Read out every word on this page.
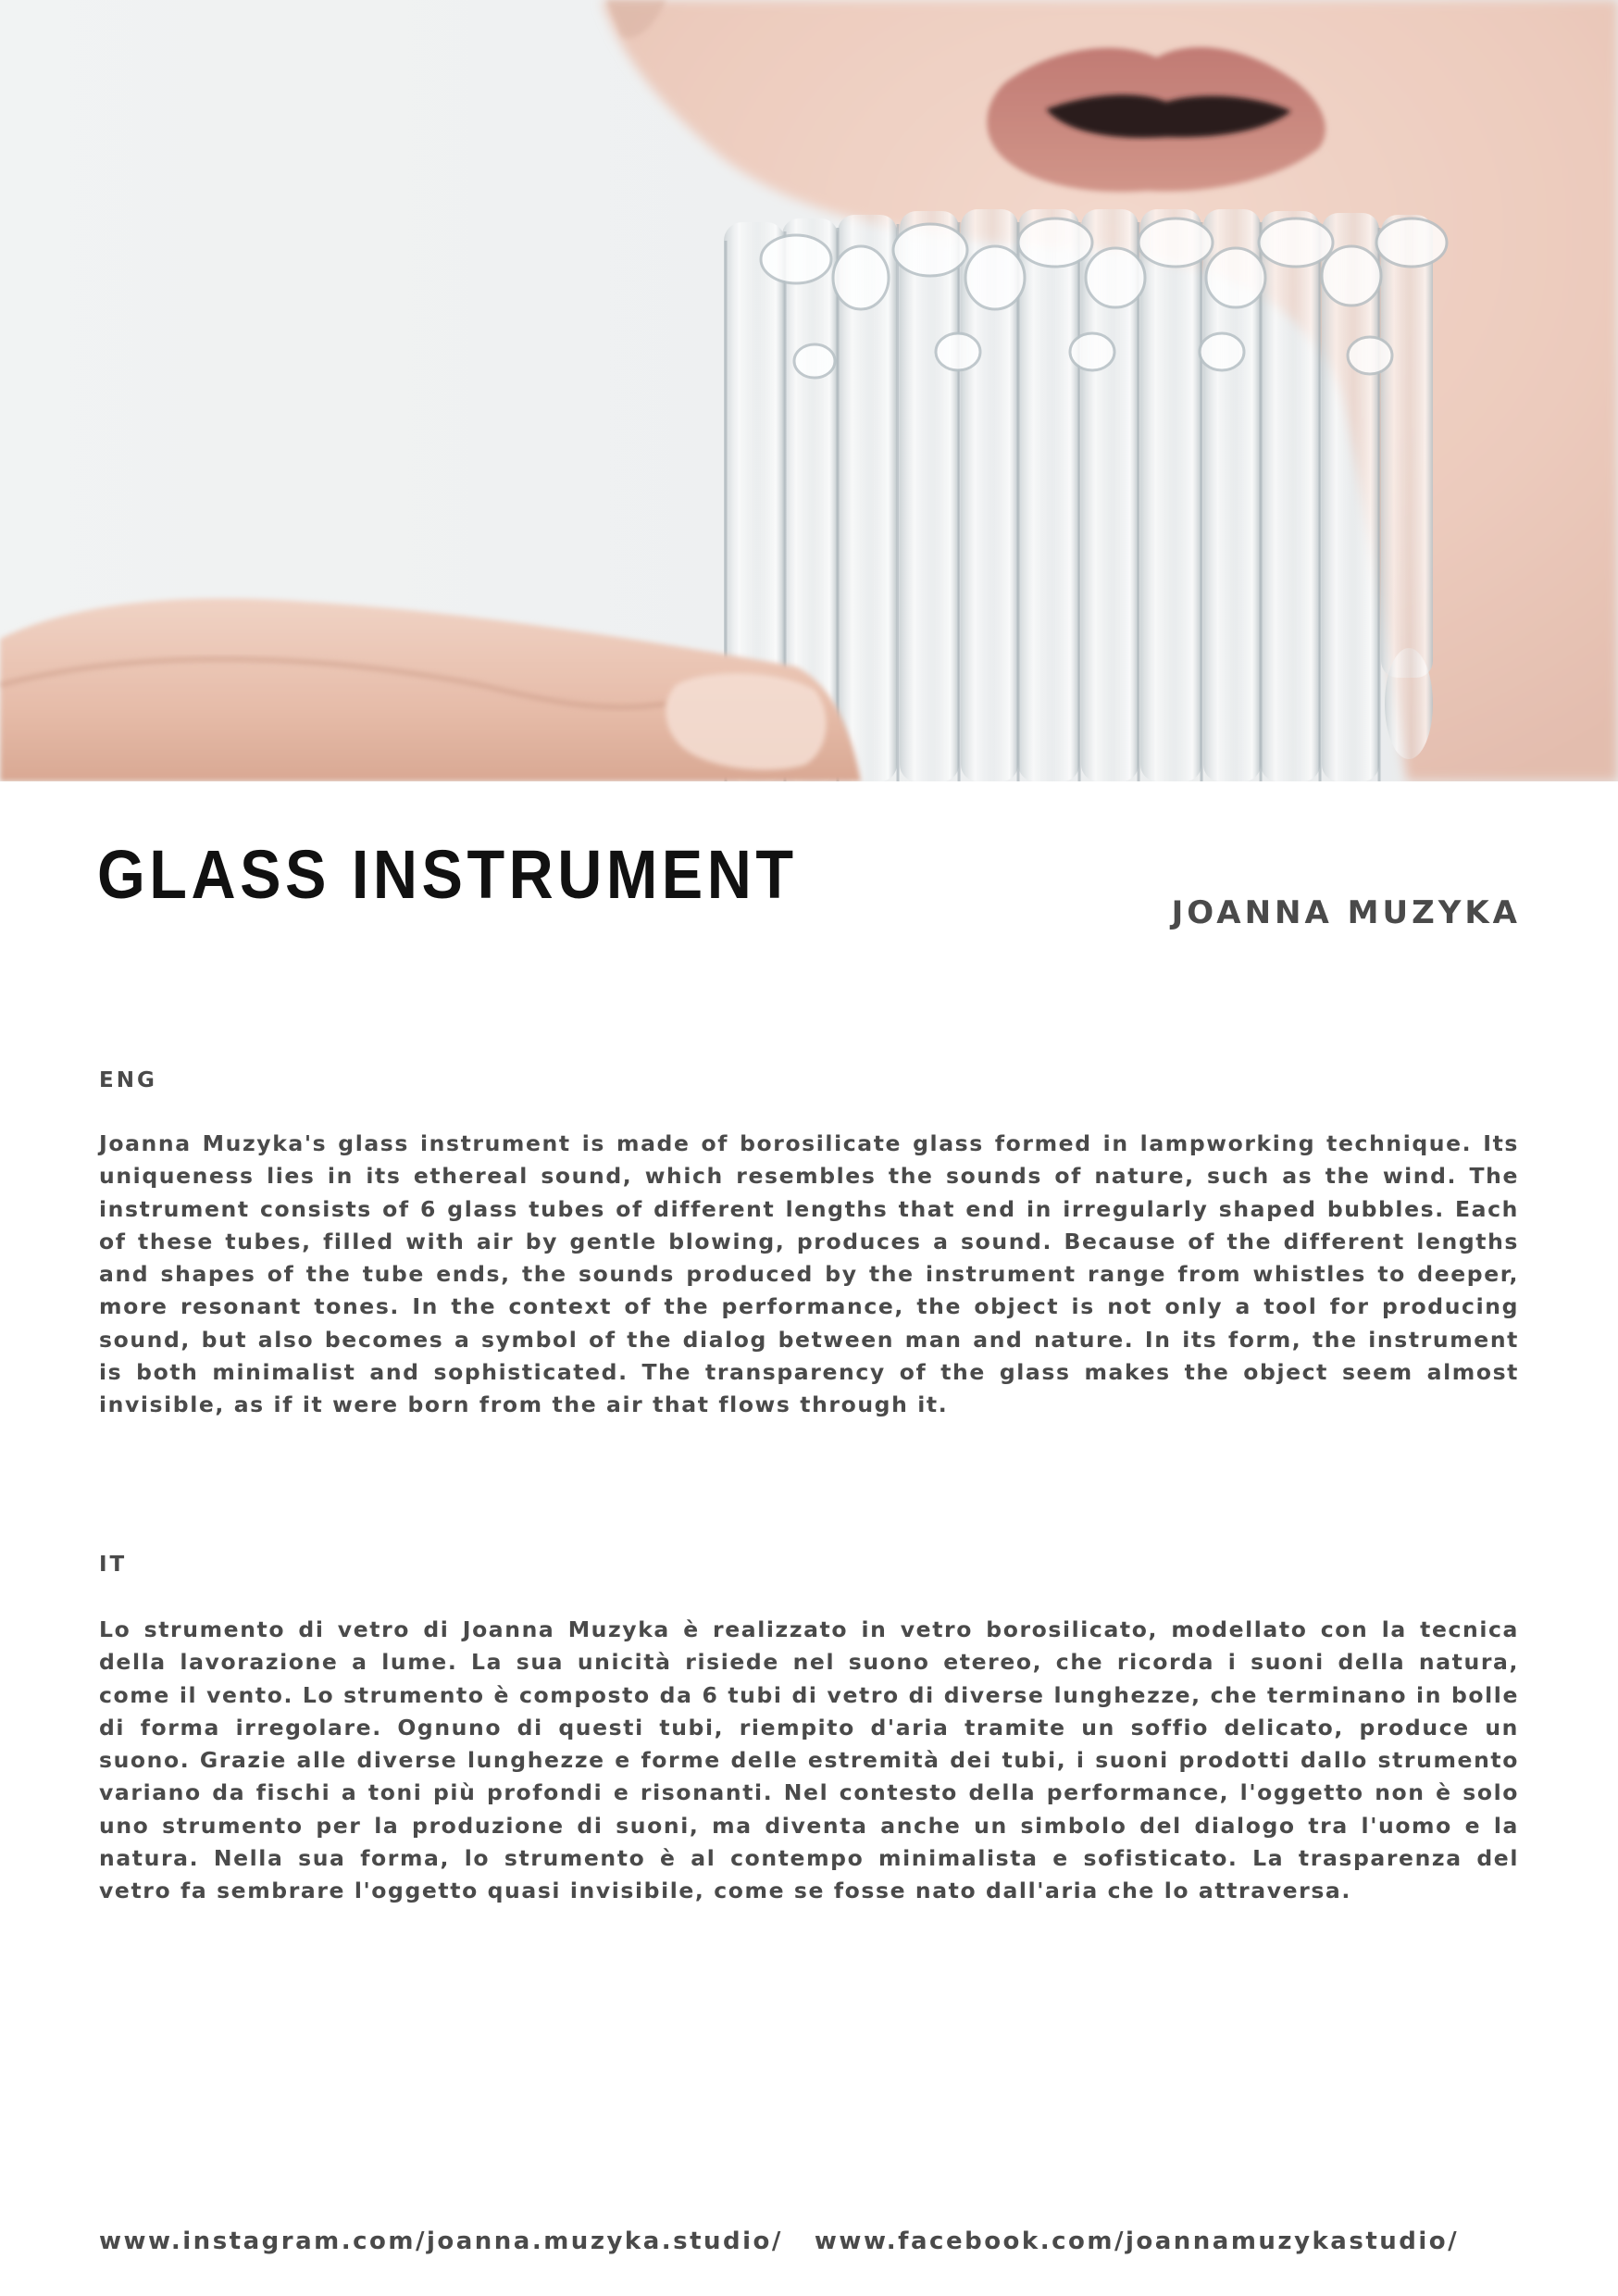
GLASS INSTRUMENT	JOANNA MUZYKA

ENG

Joanna Muzyka's glass instrument is made of borosilicate glass formed in lampworking technique. Its uniqueness lies in its ethereal sound, which resembles the sounds of nature, such as the wind. The instrument consists of 6 glass tubes of different lengths that end in irregularly shaped bubbles. Each of these tubes, filled with air by gentle blowing, produces a sound. Because of the different lengths and shapes of the tube ends, the sounds produced by the instrument range from whistles to deeper, more resonant tones. In the context of the performance, the object is not only a tool for producing sound, but also becomes a symbol of the dialog between man and nature. In its form, the instrument is both minimalist and sophisticated. The transparency of the glass makes the object seem almost invisible, as if it were born from the air that flows through it.

IT

Lo strumento di vetro di Joanna Muzyka è realizzato in vetro borosilicato, modellato con la tecnica della lavorazione a lume. La sua unicità risiede nel suono etereo, che ricorda i suoni della natura, come il vento. Lo strumento è composto da 6 tubi di vetro di diverse lunghezze, che terminano in bolle di forma irregolare. Ognuno di questi tubi, riempito d'aria tramite un soffio delicato, produce un suono. Grazie alle diverse lunghezze e forme delle estremità dei tubi, i suoni prodotti dallo strumento variano da fischi a toni più profondi e risonanti. Nel contesto della performance, l'oggetto non è solo uno strumento per la produzione di suoni, ma diventa anche un simbolo del dialogo tra l'uomo e la natura. Nella sua forma, lo strumento è al contempo minimalista e sofisticato. La trasparenza del vetro fa sembrare l'oggetto quasi invisibile, come se fosse nato dall'aria che lo attraversa.

www.instagram.com/joanna.muzyka.studio/ www.facebook.com/joannamuzykastudio/
